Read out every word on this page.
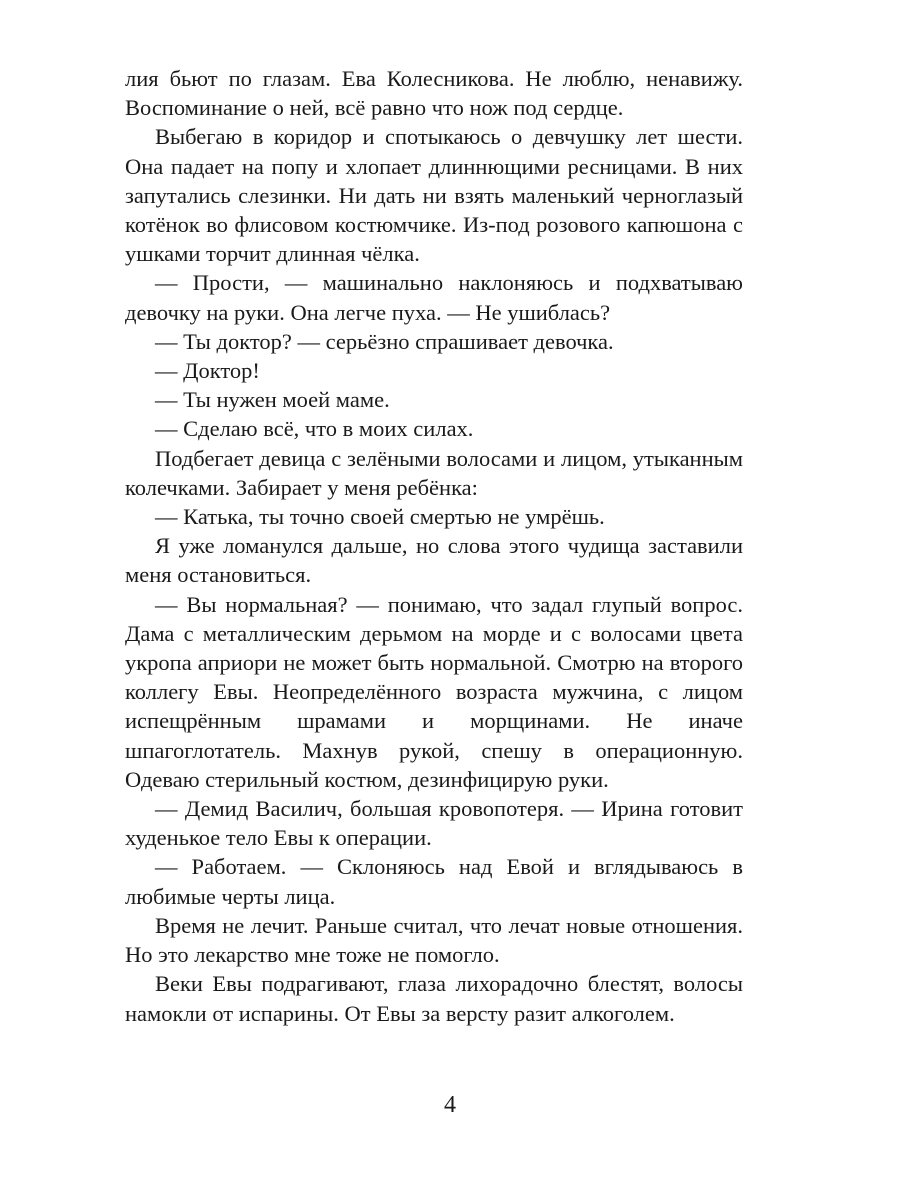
лия бьют по глазам. Ева Колесникова. Не люблю, ненавижу. Воспоминание о ней, всё равно что нож под сердце.

Выбегаю в коридор и спотыкаюсь о девчушку лет шести. Она падает на попу и хлопает длиннющими ресницами. В них запутались слезинки. Ни дать ни взять маленький черноглазый котёнок во флисовом костюмчике. Из-под розового капюшона с ушками торчит длинная чёлка.

— Прости, — машинально наклоняюсь и подхватываю девочку на руки. Она легче пуха. — Не ушиблась?

— Ты доктор? — серьёзно спрашивает девочка.

— Доктор!

— Ты нужен моей маме.

— Сделаю всё, что в моих силах.

Подбегает девица с зелёными волосами и лицом, утыканным колечками. Забирает у меня ребёнка:

— Катька, ты точно своей смертью не умрёшь.

Я уже ломанулся дальше, но слова этого чудища заставили меня остановиться.

— Вы нормальная? — понимаю, что задал глупый вопрос. Дама с металлическим дерьмом на морде и с волосами цвета укропа априори не может быть нормальной. Смотрю на второго коллегу Евы. Неопределённого возраста мужчина, с лицом испещрённым шрамами и морщинами. Не иначе шпагоглотатель. Махнув рукой, спешу в операционную. Одеваю стерильный костюм, дезинфицирую руки.

— Демид Василич, большая кровопотеря. — Ирина готовит худенькое тело Евы к операции.

— Работаем. — Склоняюсь над Евой и вглядываюсь в любимые черты лица.

Время не лечит. Раньше считал, что лечат новые отношения. Но это лекарство мне тоже не помогло.

Веки Евы подрагивают, глаза лихорадочно блестят, волосы намокли от испарины. От Евы за версту разит алкоголем.

4
